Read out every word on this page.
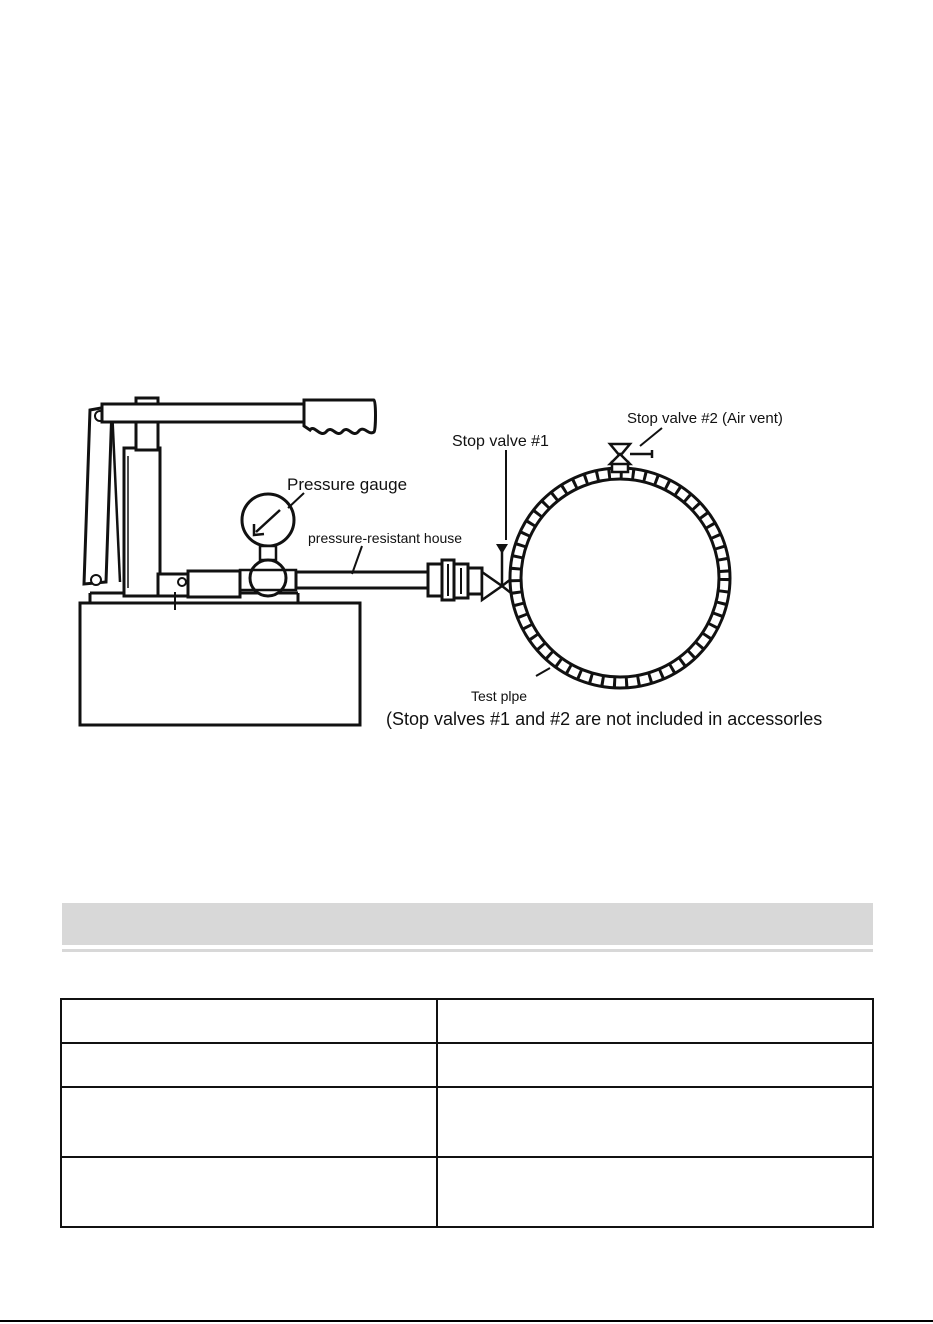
Stop valve #2 (Air vent)
Stop valve #1
Pressure gauge
pressure-resistant house
Test plpe
(Stop valves #1 and #2 are not included in accessorles
